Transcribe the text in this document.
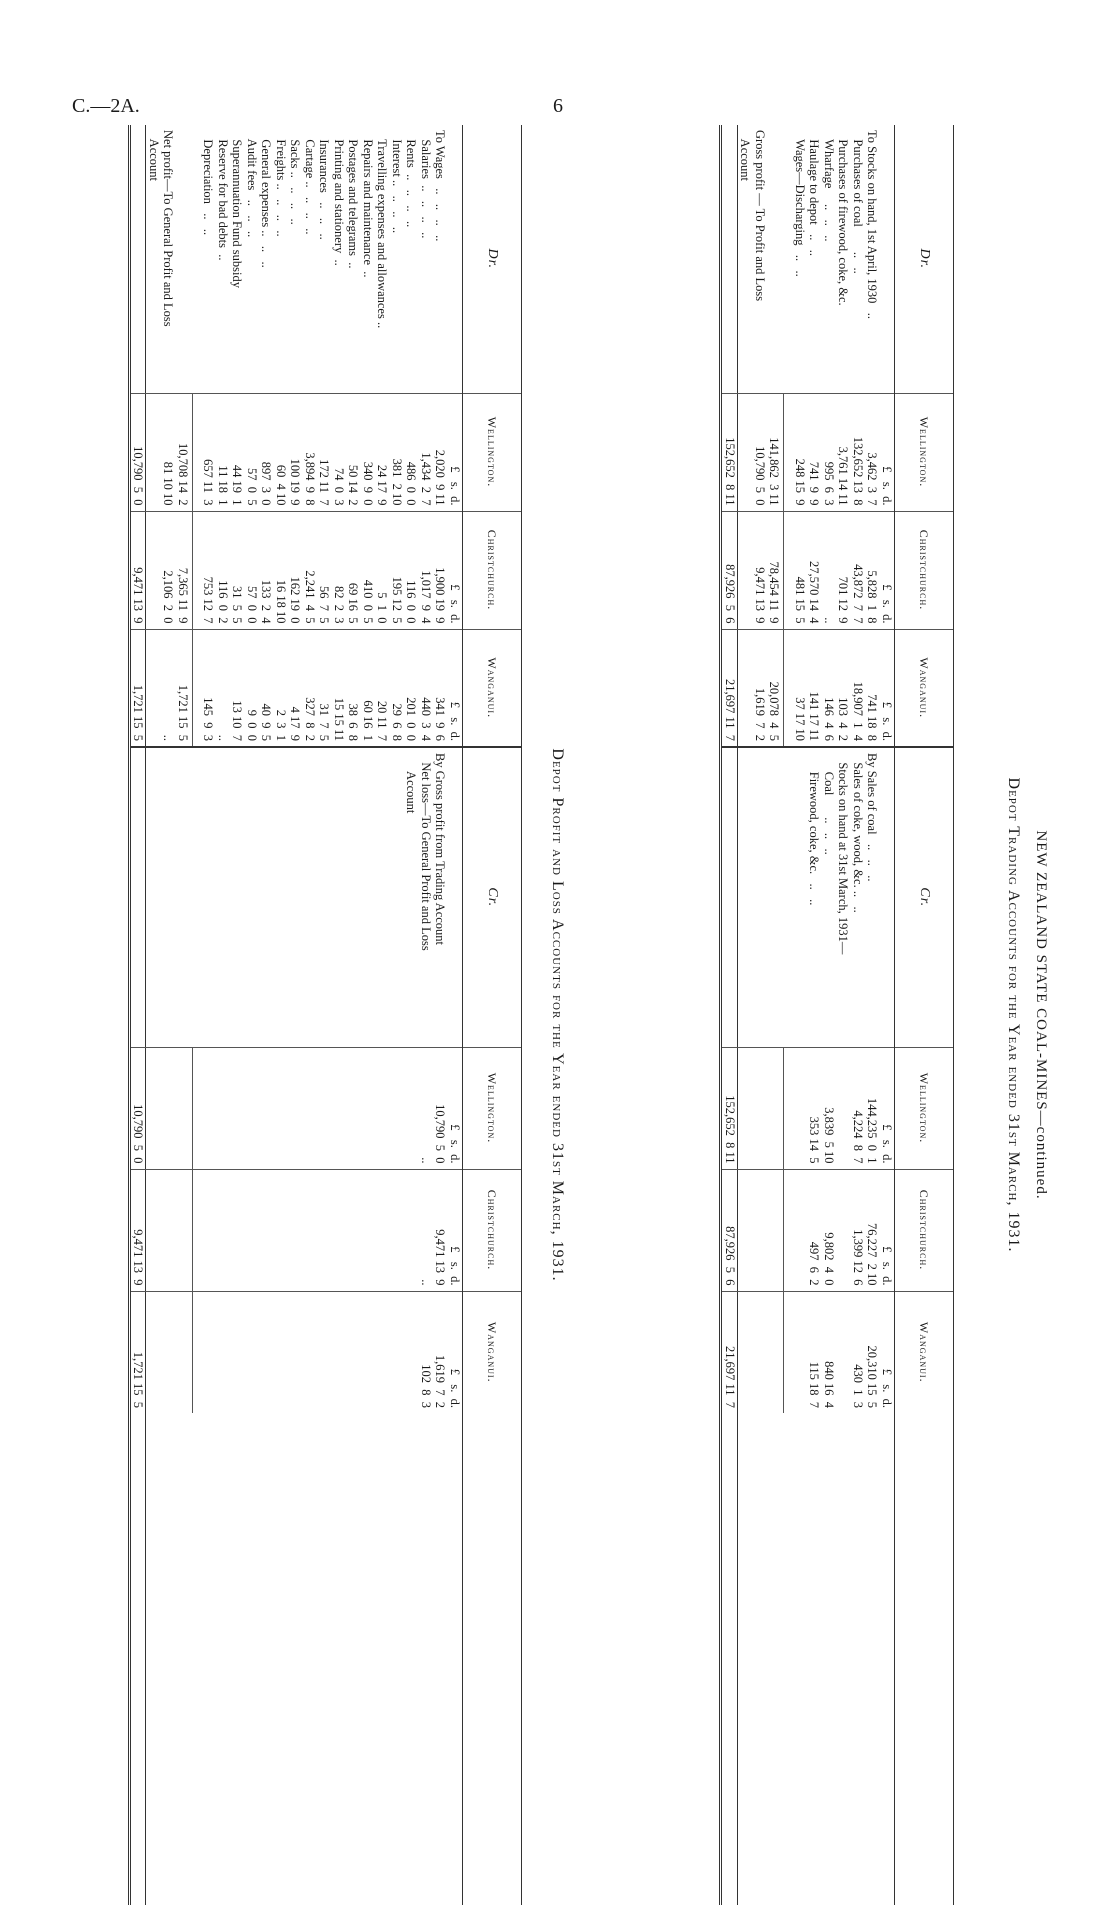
C.—2A.	6
NEW ZEALAND STATE COAL-MINES—continued.
Depot Trading Accounts for the Year ended 31st March, 1931.
Dr.	Wellington.	Christchurch.	Wanganui.	Cr.	Wellington.	Christchurch.	Wanganui.	
	£   s.  d.	£   s.  d.	£   s.  d.		£   s.  d.	£   s.  d.	£   s.  d.	
To Stocks on hand, 1st April, 1930   ..	3,462  3  7	5,828  1  8	741 18  8	By Sales of coal   ..   ..   ..	144,235  0  1	76,227  2 10	20,310 15  5	
Purchases of coal        ..   ..	132,652 13  8	43,872  7  7	18,907  1  4	Sales of coke, wood, &c. ..   ..	4,224  8  7	1,399 12  6	430  1  3	
Purchases of firewood, coke, &c.	3,761 14 11	701 12  9	103  4  2	Stocks on hand at 31st March, 1931—				
Wharfage     ..   ..   ..	995  6  3	..	146  4  6	Coal       ..   ..   ..	3,839  5 10	9,802  4  0	840 16  4	
Haulage to depot   ..   ..	741  9  9	27,570 14  4	141 17 11	Firewood, coke, &c.   ..   ..	353 14  5	497  6  2	115 18  7	
Wages—Discharging   ..   ..	248 15  9	481 15  5	37 17 10					

	141,862  3 11	78,454 11  9	20,078  4  5					
Gross profit — To Profit and Loss	10,790  5  0	9,471 13  9	1,619  7  2					
Account								
	152,652  8 11	87,926  5  6	21,697 11  7		152,652  8 11	87,926  5  6	21,697 11  7	
Depot Profit and Loss Accounts for the Year ended 31st March, 1931.
Dr.	Wellington.	Christchurch.	Wanganui.	Cr.	Wellington.	Christchurch.	Wanganui.	
	£   s.  d.	£   s.  d.	£   s.  d.		£   s.  d.	£   s.  d.	£   s.  d.	
To Wages   ..   ..   ..   ..	2,020  9 11	1,900 19  9	341  9  6	By Gross profit from Trading Account	10,790  5  0	9,471 13  9	1,619  7  2	
Salaries  ..   ..   ..   ..	1,434  2  7	1,017  9  4	440  3  4	Net loss—To General Profit and Loss	..	..	102  8  3	
Rents  ..   ..   ..   ..	486  0  0	116  0  0	201  0  0	Account				
Interest ..   ..   ..   ..	381  2 10	195 12  5	29  6  8					
Travelling expenses and allowances ..	24 17  9	5  1  0	20 11  7					
Repairs and maintenance  ..	340  9  0	410  0  5	60 16  1					
Postages and telegrams  ..	50 14  2	69 16  5	38  6  8					
Printing and stationery  ..	74  0  3	82  2  3	15 15 11					
Insurances   ..   ..   ..	172 11  7	56  7  5	31  7  5					
Cartage ..   ..   ..   ..	3,894  9  8	2,241  4  5	327  8  2					
Sacks ..   ..   ..   ..	100 19  9	162 19  0	4 17  9					
Freights ..   ..   ..   ..	60  4 10	16 18 10	2  3  1					
General expenses ..   ..   ..	897  3  0	133  2  4	40  9  5					
Audit fees   ..   ..   ..	57  0  5	57  0  0	9  0  0					
Superannuation Fund subsidy	44 19  1	31  5  5	13 10  7					
Reserve for bad debts  ..	11 18  1	116  0  2	..					
Depreciation   ..   ..	657 11  3	753 12  7	145  9  3					

	10,708 14  2	7,365 11  9	1,721 15  5					
Net profit—To General Profit and Loss	81 10 10	2,106  2  0	..					
Account								
	10,790  5  0	9,471 13  9	1,721 15  5		10,790  5  0	9,471 13  9	1,721 15  5	
